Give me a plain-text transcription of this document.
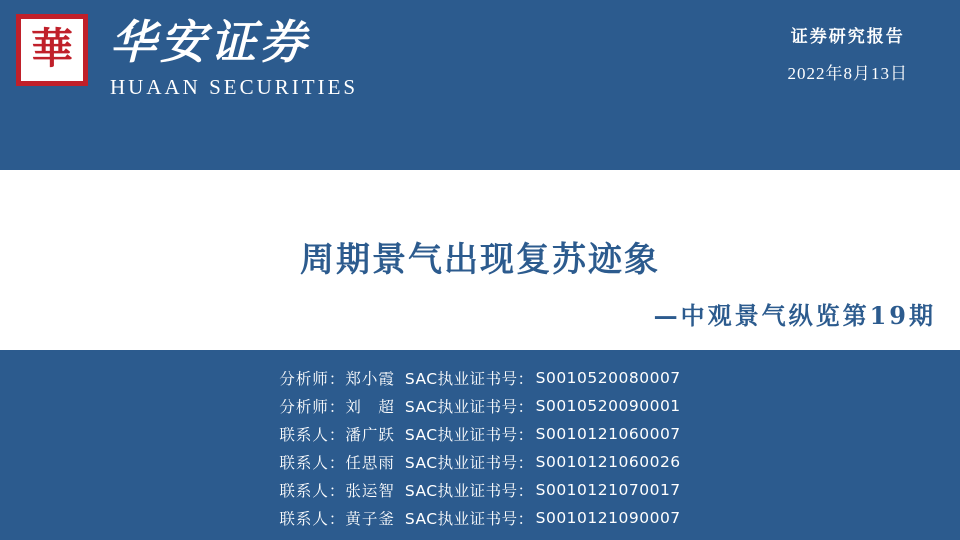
華 华安证券
HUAAN SECURITIES
证券研究报告
2022年8月13日
周期景气出现复苏迹象
—中观景气纵览第19期
分析师：郑小霞	SAC执业证书号：	S0010520080007
分析师：刘　超	SAC执业证书号：	S0010520090001
联系人：潘广跃	SAC执业证书号：	S0010121060007
联系人：任思雨	SAC执业证书号：	S0010121060026
联系人：张运智	SAC执业证书号：	S0010121070017
联系人：黄子釜	SAC执业证书号：	S0010121090007
